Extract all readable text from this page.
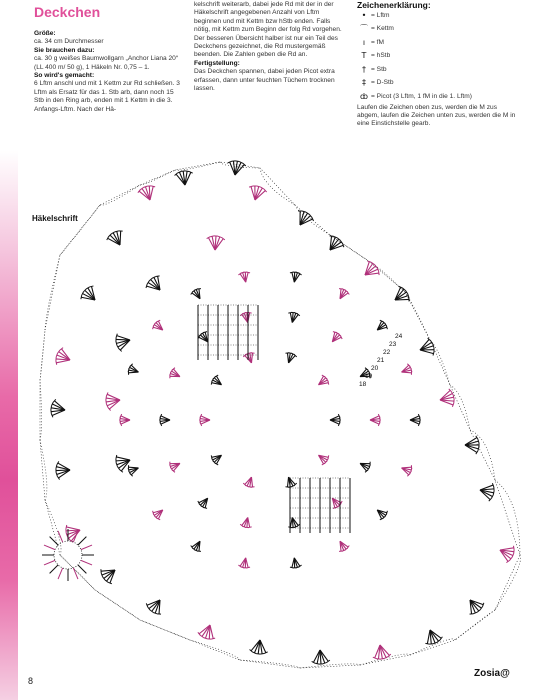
Deckchen

Größe:

ca. 34 cm Durchmesser

Sie brauchen dazu:

ca. 30 g weißes Baumwollgarn „Anchor Liana 20“ (LL 400 m/ 50 g), 1 Häkeln Nr. 0,75 – 1.

So wird's gemacht:

6 Lftm anschl und mit 1 Kettm zur Rd schließen. 3 Lftm als Ersatz für das 1. Stb arb, dann noch 15 Stb in den Ring arb, enden mit 1 Kettm in die 3. Anfangs-Lftm. Nach der Hä-

kelschrift weiterarb, dabei jede Rd mit der in der Häkelschrift angegebenen Anzahl von Lftm beginnen und mit Kettm bzw hStb enden. Falls nötig, mit Kettm zum Beginn der folg Rd vorgehen. Der besseren Übersicht halber ist nur ein Teil des Deckchens gezeichnet, die Rd mustergemäß beenden. Die Zahlen geben die Rd an.

Fertigstellung:

Das Deckchen spannen, dabei jeden Picot extra erfassen, dann unter feuchten Tüchern trocknen lassen.

Zeichenerklärung:

• = Lftm
⌒ = Kettm
ı = fM
T = hStb
† = Stb
‡ = D-Stb
ȸ = Picot (3 Lftm, 1 fM in die 1. Lftm)

Laufen die Zeichen oben zus, werden die M zus abgem, laufen die Zeichen unten zus, werden die M in eine Einstichstelle gearb.

Häkelschrift

24
23
22
21
20
19
18
8
Zosia@
